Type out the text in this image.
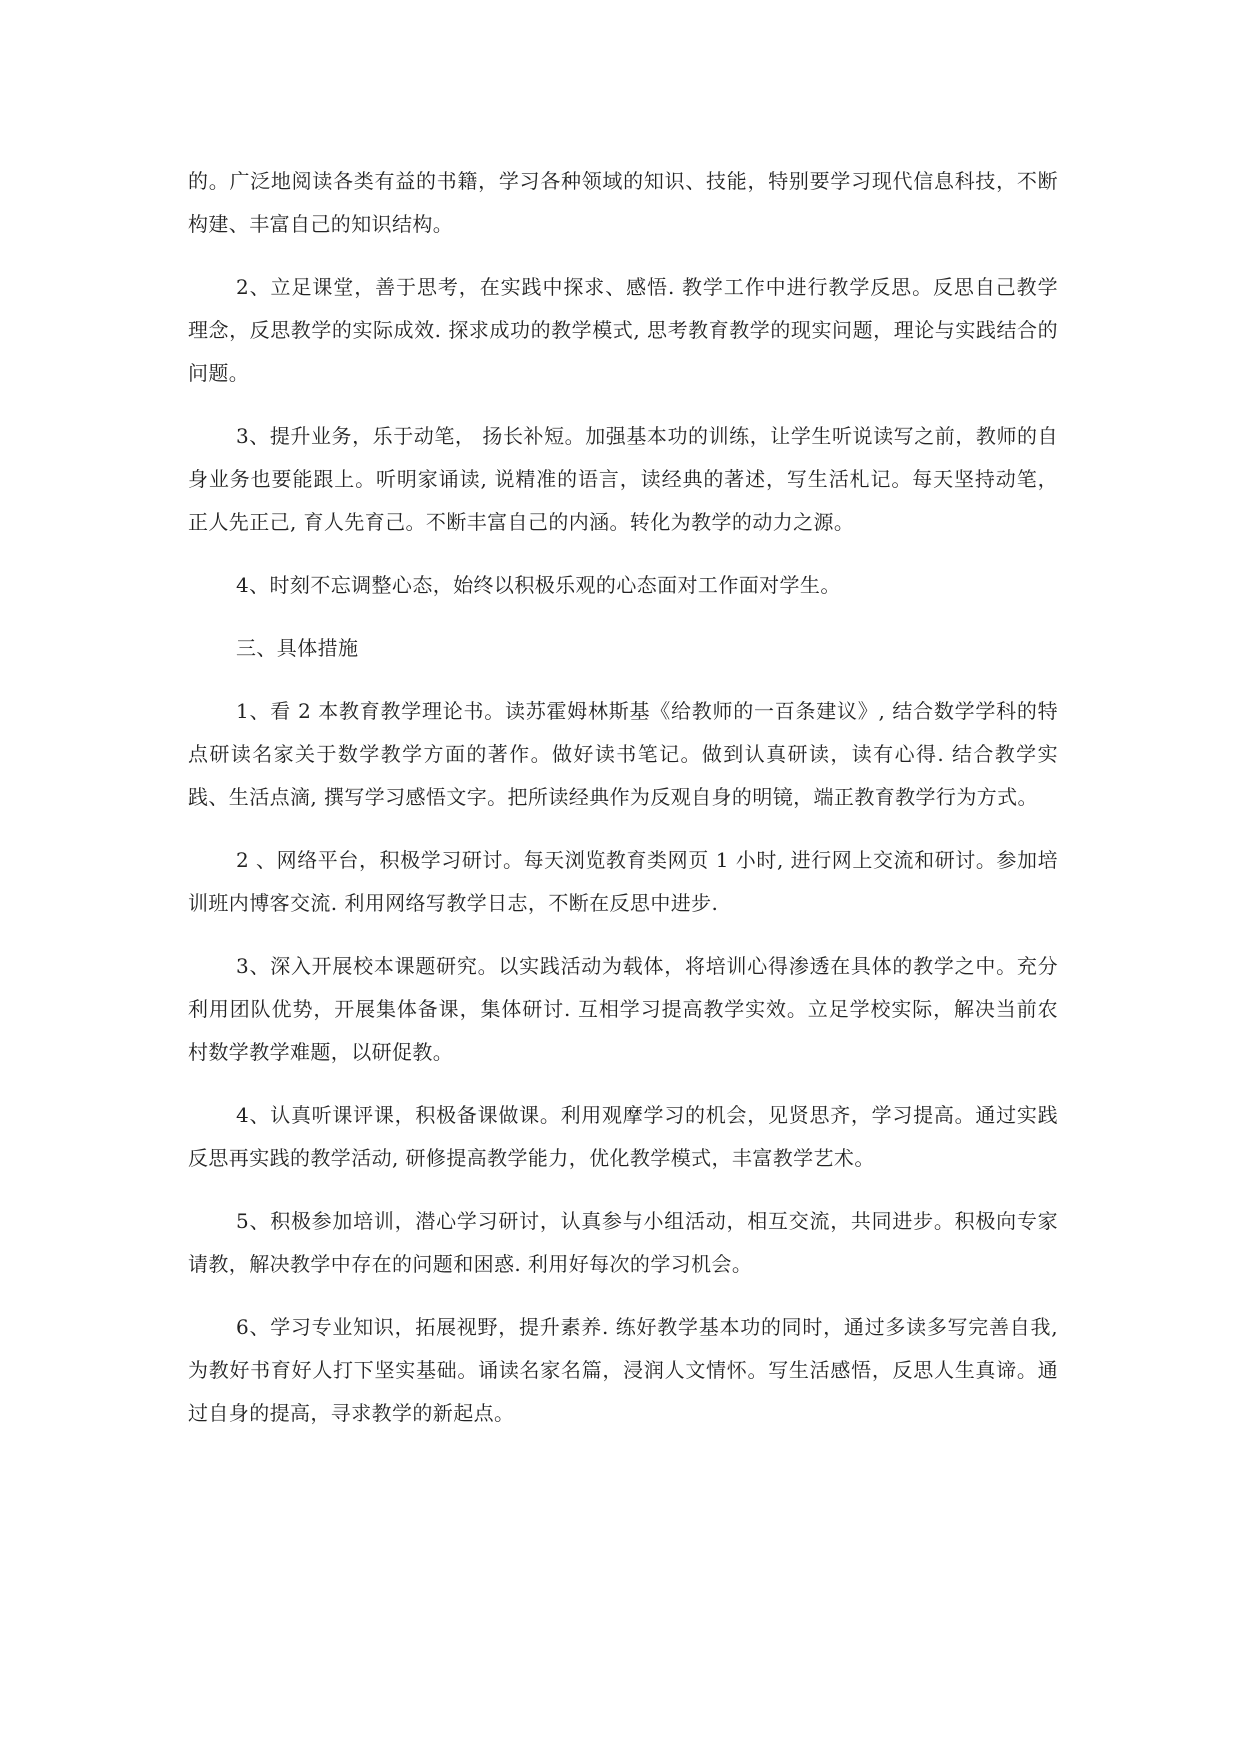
的。广泛地阅读各类有益的书籍，学习各种领域的知识、技能，特别要学习现代信息科技，不断构建、丰富自己的知识结构。

2、立足课堂，善于思考，在实践中探求、感悟. 教学工作中进行教学反思。反思自己教学理念，反思教学的实际成效. 探求成功的教学模式, 思考教育教学的现实问题，理论与实践结合的问题。

3、提升业务，乐于动笔， 扬长补短。加强基本功的训练，让学生听说读写之前，教师的自身业务也要能跟上。听明家诵读, 说精准的语言，读经典的著述，写生活札记。每天坚持动笔，正人先正己, 育人先育己。不断丰富自己的内涵。转化为教学的动力之源。

4、时刻不忘调整心态，始终以积极乐观的心态面对工作面对学生。

三、具体措施

1、看 2 本教育教学理论书。读苏霍姆林斯基《给教师的一百条建议》, 结合数学学科的特点研读名家关于数学教学方面的著作。做好读书笔记。做到认真研读，读有心得. 结合教学实践、生活点滴, 撰写学习感悟文字。把所读经典作为反观自身的明镜，端正教育教学行为方式。

2 、网络平台，积极学习研讨。每天浏览教育类网页 1 小时, 进行网上交流和研讨。参加培训班内博客交流. 利用网络写教学日志，不断在反思中进步.

3、深入开展校本课题研究。以实践活动为载体，将培训心得渗透在具体的教学之中。充分利用团队优势，开展集体备课，集体研讨. 互相学习提高教学实效。立足学校实际，解决当前农村数学教学难题，以研促教。

4、认真听课评课，积极备课做课。利用观摩学习的机会，见贤思齐，学习提高。通过实践反思再实践的教学活动, 研修提高教学能力，优化教学模式，丰富教学艺术。

5、积极参加培训，潜心学习研讨，认真参与小组活动，相互交流，共同进步。积极向专家请教，解决教学中存在的问题和困惑. 利用好每次的学习机会。

6、学习专业知识，拓展视野，提升素养. 练好教学基本功的同时，通过多读多写完善自我, 为教好书育好人打下坚实基础。诵读名家名篇，浸润人文情怀。写生活感悟，反思人生真谛。通过自身的提高，寻求教学的新起点。
